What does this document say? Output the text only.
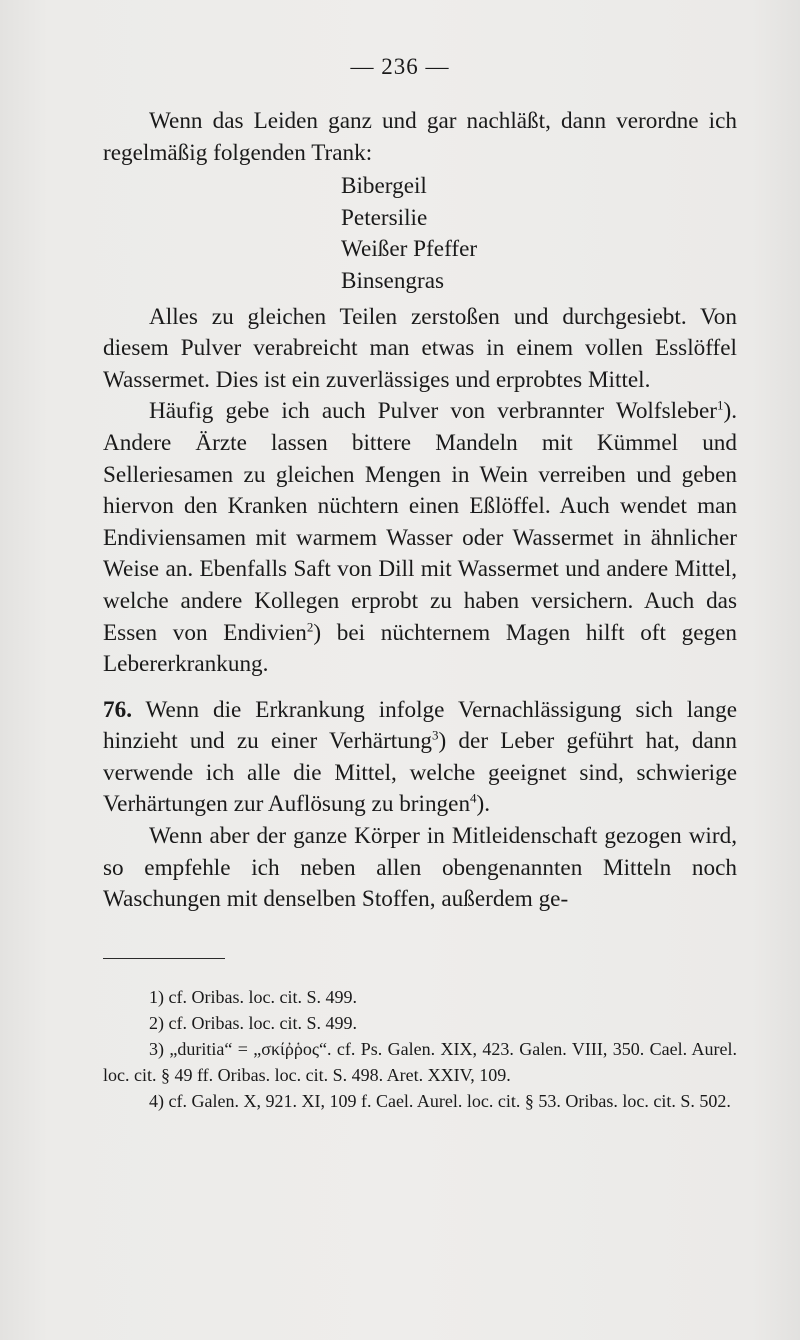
— 236 —

Wenn das Leiden ganz und gar nachläßt, dann verordne ich regelmäßig folgenden Trank:

Bibergeil
Petersilie
Weißer Pfeffer
Binsengras

Alles zu gleichen Teilen zerstoßen und durchgesiebt. Von diesem Pulver verabreicht man etwas in einem vollen Esslöffel Wassermet. Dies ist ein zuverlässiges und erprobtes Mittel.

Häufig gebe ich auch Pulver von verbrannter Wolfsleber$^1$). Andere Ärzte lassen bittere Mandeln mit Kümmel und Selleriesamen zu gleichen Mengen in Wein verreiben und geben hiervon den Kranken nüchtern einen Eßlöffel. Auch wendet man Endiviensamen mit warmem Wasser oder Wassermet in ähnlicher Weise an. Ebenfalls Saft von Dill mit Wassermet und andere Mittel, welche andere Kollegen erprobt zu haben versichern. Auch das Essen von Endivien$^2$) bei nüchternem Magen hilft oft gegen Lebererkrankung.

76. Wenn die Erkrankung infolge Vernachlässigung sich lange hinzieht und zu einer Verhärtung$^3$) der Leber geführt hat, dann verwende ich alle die Mittel, welche geeignet sind, schwierige Verhärtungen zur Auflösung zu bringen$^4$).

Wenn aber der ganze Körper in Mitleidenschaft gezogen wird, so empfehle ich neben allen obengenannten Mitteln noch Waschungen mit denselben Stoffen, außerdem ge-

1) cf. Oribas. loc. cit. S. 499.

2) cf. Oribas. loc. cit. S. 499.

3) „duritia“ = „σκίῤῥος“. cf. Ps. Galen. XIX, 423. Galen. VIII, 350. Cael. Aurel. loc. cit. § 49 ff. Oribas. loc. cit. S. 498. Aret. XXIV, 109.

4) cf. Galen. X, 921. XI, 109 f. Cael. Aurel. loc. cit. § 53. Oribas. loc. cit. S. 502.
